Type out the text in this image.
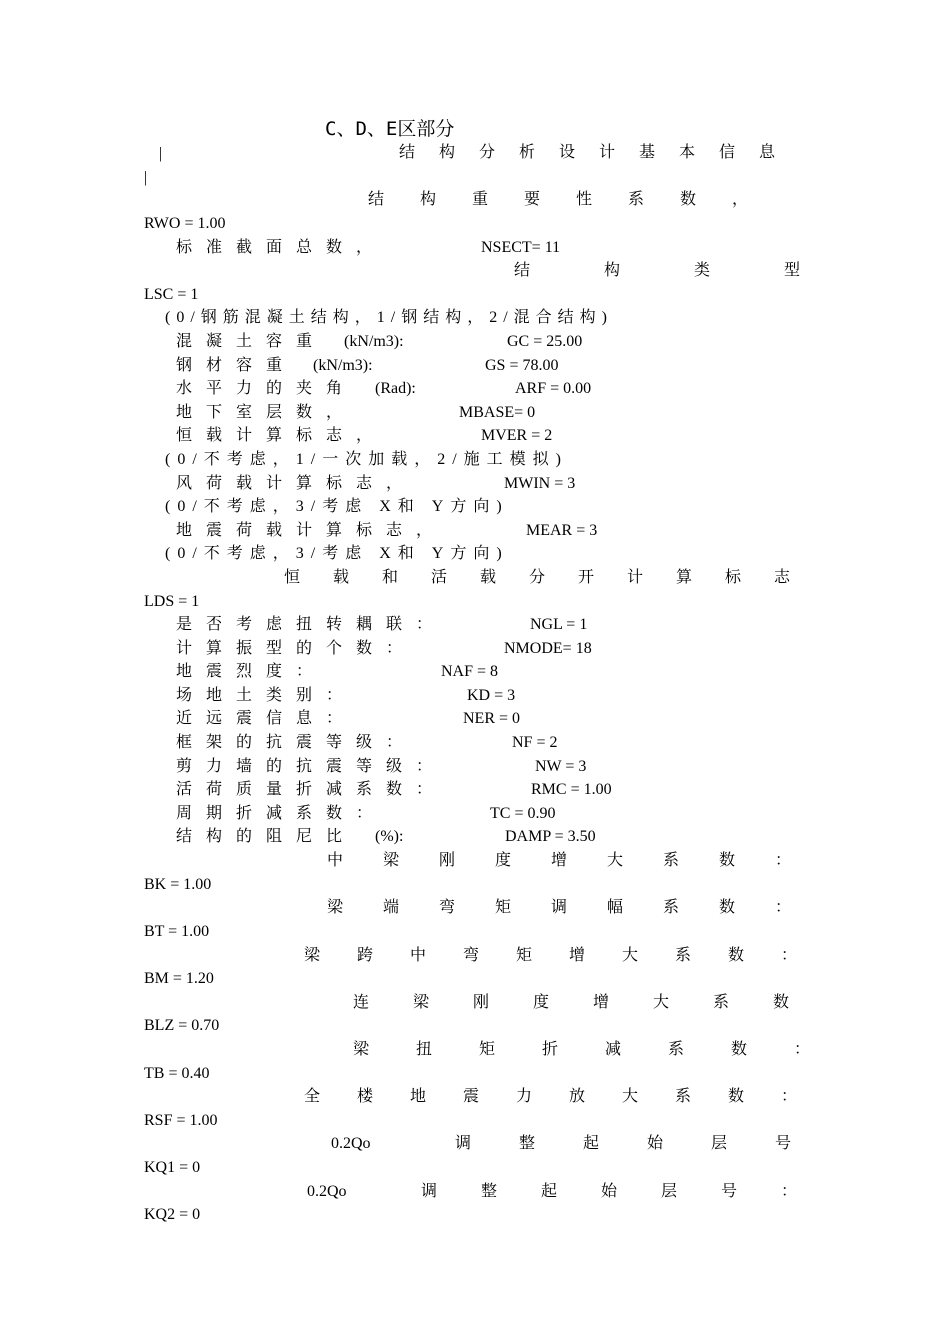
C、D、E区部分
|	结构分析设计基本信息
|
结构重要性系数，
RWO = 1.00
标准截面总数，	NSECT= 11
结构类型
LSC = 1
(0/钢筋混凝土结构，1/钢结构，2/混合结构)
混凝土容重 (kN/m3):	GC = 25.00
钢材容重 (kN/m3):	GS = 78.00
水平力的夹角 (Rad):	ARF = 0.00
地下室层数，	MBASE= 0
恒载计算标志，	MVER = 2
(0/不考虑，1/一次加载，2/施工模拟)
风荷载计算标志，	MWIN = 3
(0/不考虑，3/考虑 X和 Y方向)
地震荷载计算标志，	MEAR = 3
(0/不考虑，3/考虑 X和 Y方向)
恒载和活载分开计算标志
LDS = 1
是否考虑扭转耦联：	NGL = 1
计算振型的个数：	NMODE= 18
地震烈度：	NAF = 8
场地土类别：	KD = 3
近远震信息：	NER = 0
框架的抗震等级：	NF = 2
剪力墙的抗震等级：	NW = 3
活荷质量折减系数：	RMC = 1.00
周期折减系数：	TC = 0.90
结构的阻尼比 (%):	DAMP = 3.50
中梁刚度增大系数：
BK = 1.00
梁端弯矩调幅系数：
BT = 1.00
梁跨中弯矩增大系数：
BM = 1.20
连梁刚度增大系数
BLZ = 0.70
梁扭矩折减系数：
TB = 0.40
全楼地震力放大系数：
RSF = 1.00
0.2Qo	调整起始层号
KQ1 = 0
0.2Qo	调整起始层号：
KQ2 = 0
